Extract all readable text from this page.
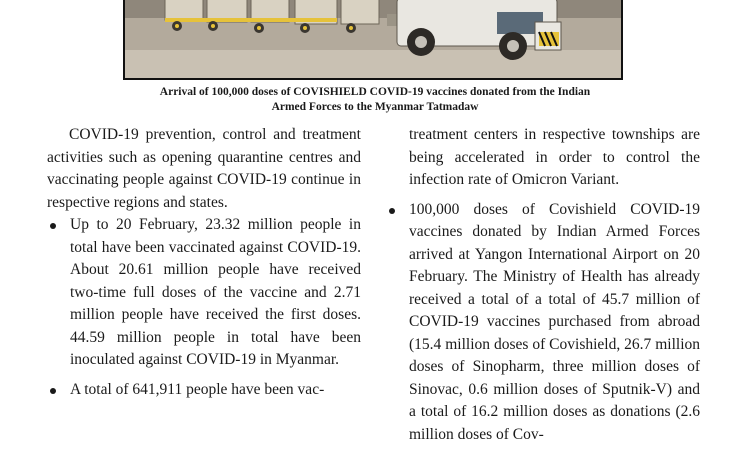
Arrival of 100,000 doses of COVISHIELD COVID-19 vaccines donated from the Indian
Armed Forces to the Myanmar Tatmadaw

COVID-19 prevention, control and treatment activities such as opening quarantine centres and vaccinating people against COVID-19 continue in respective regions and states.

Up to 20 February, 23.32 million people in total have been vaccinated against COVID-19. About 20.61 million people have received two-time full doses of the vaccine and 2.71 million people have received the first doses. 44.59 million people in total have been inoculated against COVID-19 in Myanmar.
A total of 641,911 people have been vac-

treatment centers in respective townships are being accelerated in order to control the infection rate of Omicron Variant.

100,000 doses of Covishield COVID-19 vaccines donated by Indian Armed Forces arrived at Yangon International Airport on 20 February. The Ministry of Health has already received a total of a total of 45.7 million of COVID-19 vaccines purchased from abroad (15.4 million doses of Covishield, 26.7 million doses of Sinopharm, three million doses of Sinovac, 0.6 million doses of Sputnik-V) and a total of 16.2 million doses as donations (2.6 million doses of Cov-
